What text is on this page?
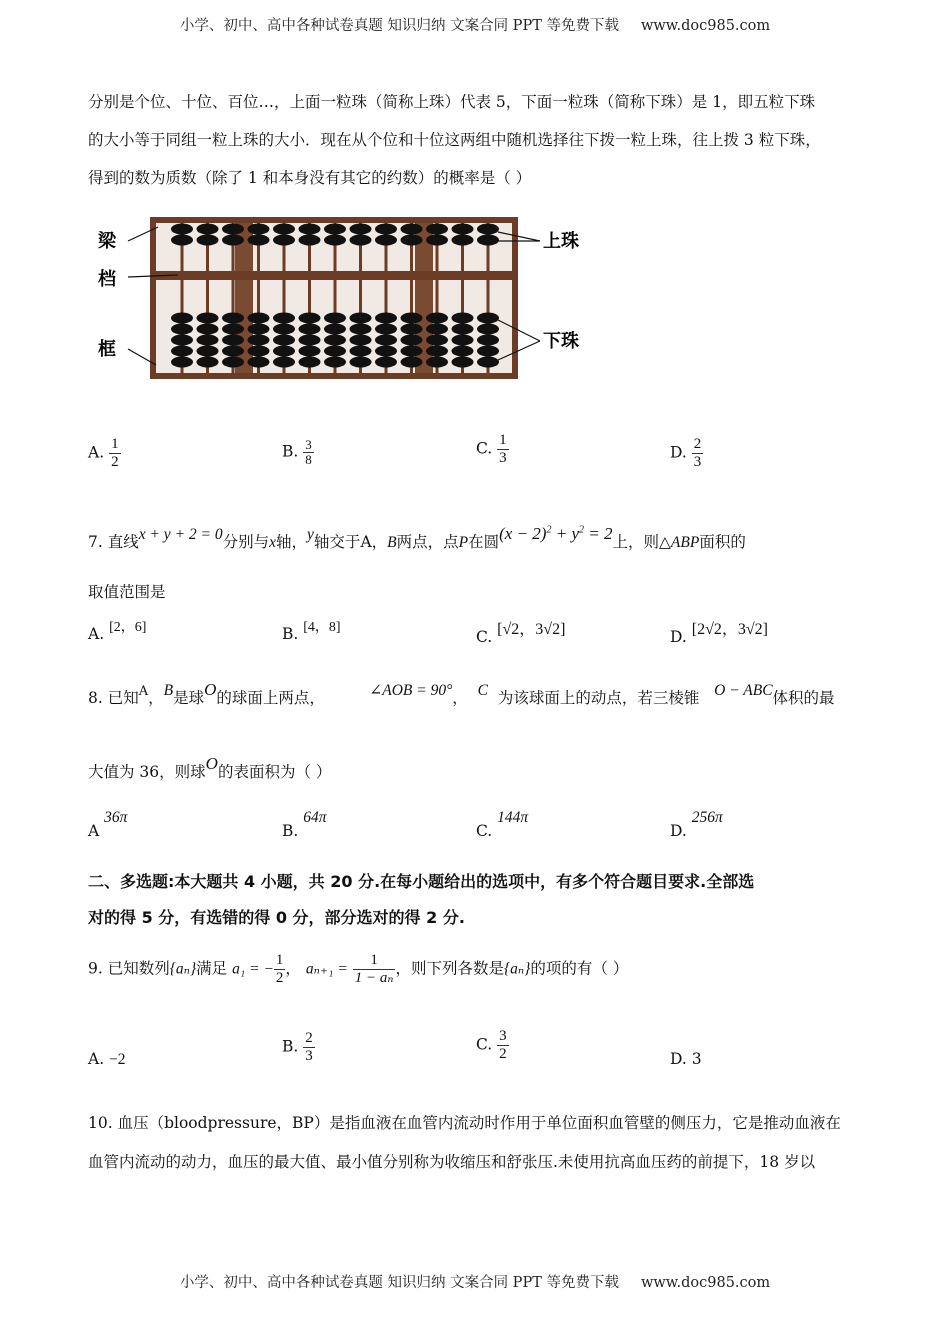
小学、初中、高中各种试卷真题 知识归纳 文案合同 PPT 等免费下载 www.doc985.com
分别是个位、十位、百位…，上面一粒珠（简称上珠）代表 5，下面一粒珠（简称下珠）是 1，即五粒下珠
的大小等于同组一粒上珠的大小．现在从个位和十位这两组中随机选择往下拨一粒上珠，往上拨 3 粒下珠，
得到的数为质数（除了 1 和本身没有其它的约数）的概率是（ ）
梁
档
框
上珠
下珠
A. $\frac{1}{2}$	B. $\frac{3}{8}$	C. $\frac{1}{3}$	D. $\frac{2}{3}$
7. 直线x + y + 2 = 0分别与x轴，y轴交于A，B两点，点P在圆$(x - 2)^2 + y^2 = 2$上，则△ABP面积的
取值范围是
A. [2，6]	B. [4，8]
C. [√2，3√2]	D. [2√2，3√2]
8. 已知$^A$，B是球O的球面上两点，	∠AOB = 90°，  C 为该球面上的动点，若三棱锥 O − ABC体积的最
大值为 36，则球O的表面积为（ ）
A 36π
B. 64π
C. 144π
D. 256π
二、多选题:本大题共 4 小题，共 20 分.在每小题给出的选项中，有多个符合题目要求.全部选
对的得 5 分，有选错的得 0 分，部分选对的得 2 分.
9. 已知数列{aₙ}满足 a₁ = − $\frac{1}{2}$ ， $a_{n+1} = \frac{1}{\text{1 − aₙ}}$ ，则下列各数是{aₙ}的项的有（ ）
A. −2
B. $\frac{2}{3}$	C. $\frac{3}{2}$	D. 3
10. 血压（bloodpressure，BP）是指血液在血管内流动时作用于单位面积血管壁的侧压力，它是推动血液在
血管内流动的动力，血压的最大值、最小值分别称为收缩压和舒张压.未使用抗高血压药的前提下，18 岁以
小学、初中、高中各种试卷真题 知识归纳 文案合同 PPT 等免费下载 www.doc985.com
